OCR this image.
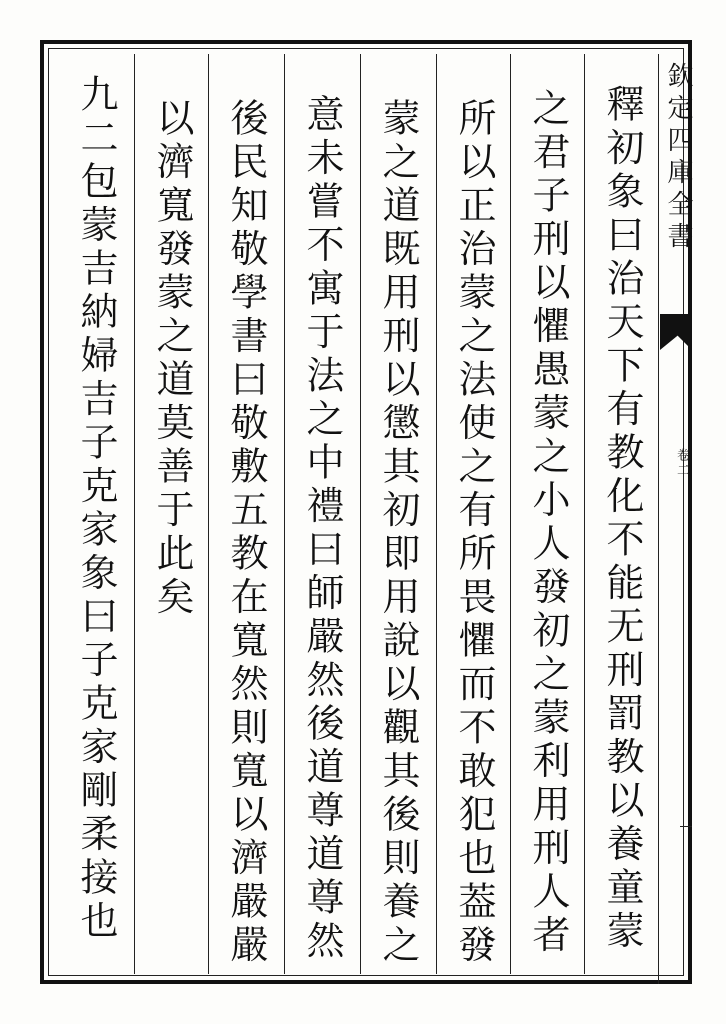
釋初象曰治天下有教化不能无刑罰教以養童蒙
之君子刑以懼愚蒙之小人發初之蒙利用刑人者
所以正治蒙之法使之有所畏懼而不敢犯也葢發
蒙之道既用刑以懲其初即用說以觀其後則養之
意未嘗不寓于法之中禮曰師嚴然後道尊道尊然
後民知敬學書曰敬敷五教在寬然則寬以濟嚴嚴
以濟寬發蒙之道莫善于此矣
九二包蒙吉納婦吉子克家象曰子克家剛柔接也	欽定四庫全書
卷二
